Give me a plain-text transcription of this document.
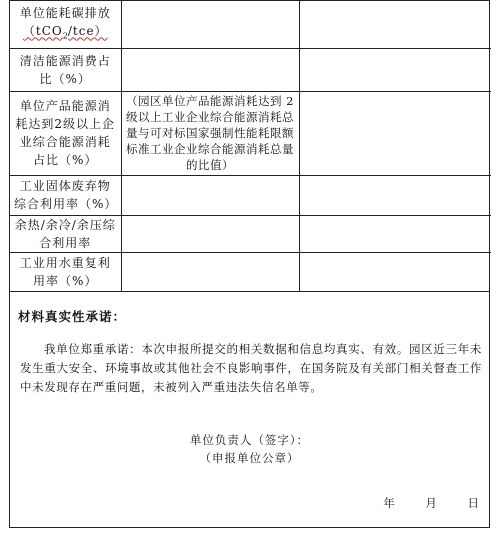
单位能耗碳排放
（tCO$_2$/tce）		
清洁能源消费占比（%）		
单位产品能源消耗达到2级以上企业综合能源消耗占比（%）	（园区单位产品能源消耗达到 2 级以上工业企业综合能源消耗总量与可对标国家强制性能耗限额标准工业企业综合能源消耗总量的比值）	
工业固体废弃物综合利用率（%）		
余热/余冷/余压综合利用率		
工业用水重复利用率（%）		
材料真实性承诺：
我单位郑重承诺：本次申报所提交的相关数据和信息均真实、有效。园区近三年未发生重大安全、环境事故或其他社会不良影响事件，在国务院及有关部门相关督查工作中未发现存在严重问题，未被列入严重违法失信名单等。
单位负责人（签字）：
（申报单位公章）
年	月	日
